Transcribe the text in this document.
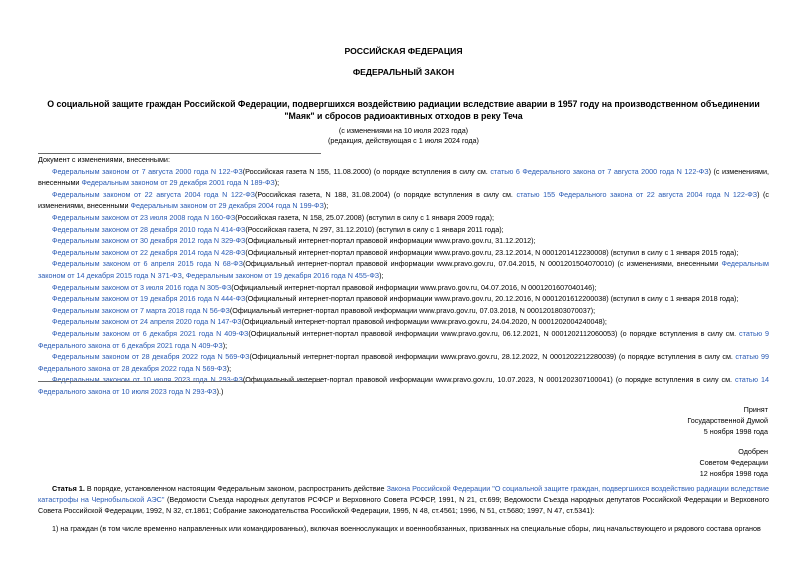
РОССИЙСКАЯ ФЕДЕРАЦИЯ
ФЕДЕРАЛЬНЫЙ ЗАКОН
О социальной защите граждан Российской Федерации, подвергшихся воздействию радиации вследствие аварии в 1957 году на производственном объединении
"Маяк" и сбросов радиоактивных отходов в реку Теча
(с изменениями на 10 июля 2023 года)
(редакция, действующая с 1 июля 2024 года)
Документ с изменениями, внесенными:
Федеральным законом от 7 августа 2000 года N 122-ФЗ(Российская газета N 155, 11.08.2000) (о порядке вступления в силу см. статью 6 Федерального закона от 7 августа 2000 года N 122-ФЗ) (с изменениями, внесенными Федеральным законом от 29 декабря 2001 года N 189-ФЗ);
Федеральным законом от 22 августа 2004 года N 122-ФЗ(Российская газета, N 188, 31.08.2004) (о порядке вступления в силу см. статью 155 Федерального закона от 22 августа 2004 года N 122-ФЗ) (с изменениями, внесенными Федеральным законом от 29 декабря 2004 года N 199-ФЗ);
Федеральным законом от 23 июля 2008 года N 160-ФЗ(Российская газета, N 158, 25.07.2008) (вступил в силу с 1 января 2009 года);
Федеральным законом от 28 декабря 2010 года N 414-ФЗ(Российская газета, N 297, 31.12.2010) (вступил в силу с 1 января 2011 года);
Федеральным законом от 30 декабря 2012 года N 329-ФЗ(Официальный интернет-портал правовой информации www.pravo.gov.ru, 31.12.2012);
Федеральным законом от 22 декабря 2014 года N 428-ФЗ(Официальный интернет-портал правовой информации www.pravo.gov.ru, 23.12.2014, N 0001201412230008) (вступил в силу с 1 января 2015 года);
Федеральным законом от 6 апреля 2015 года N 68-ФЗ(Официальный интернет-портал правовой информации www.pravo.gov.ru, 07.04.2015, N 0001201504070010) (с изменениями, внесенными Федеральным законом от 14 декабря 2015 года N 371-ФЗ, Федеральным законом от 19 декабря 2016 года N 455-ФЗ);
Федеральным законом от 3 июля 2016 года N 305-ФЗ(Официальный интернет-портал правовой информации www.pravo.gov.ru, 04.07.2016, N 0001201607040146);
Федеральным законом от 19 декабря 2016 года N 444-ФЗ(Официальный интернет-портал правовой информации www.pravo.gov.ru, 20.12.2016, N 0001201612200038) (вступил в силу с 1 января 2018 года);
Федеральным законом от 7 марта 2018 года N 56-ФЗ(Официальный интернет-портал правовой информации www.pravo.gov.ru, 07.03.2018, N 0001201803070037);
Федеральным законом от 24 апреля 2020 года N 147-ФЗ(Официальный интернет-портал правовой информации www.pravo.gov.ru, 24.04.2020, N 0001202004240048);
Федеральным законом от 6 декабря 2021 года N 409-ФЗ(Официальный интернет-портал правовой информации www.pravo.gov.ru, 06.12.2021, N 0001202112060053) (о порядке вступления в силу см. статью 9 Федерального закона от 6 декабря 2021 года N 409-ФЗ);
Федеральным законом от 28 декабря 2022 года N 569-ФЗ(Официальный интернет-портал правовой информации www.pravo.gov.ru, 28.12.2022, N 0001202212280039) (о порядке вступления в силу см. статью 99 Федерального закона от 28 декабря 2022 года N 569-ФЗ);
Федеральным законом от 10 июля 2023 года N 293-ФЗ(Официальный интернет-портал правовой информации www.pravo.gov.ru, 10.07.2023, N 0001202307100041) (о порядке вступления в силу см. статью 14 Федерального закона от 10 июля 2023 года N 293-ФЗ).)
Принят
Государственной Думой
5 ноября 1998 года
Одобрен
Советом Федерации
12 ноября 1998 года
Статья 1. В порядке, установленном настоящим Федеральным законом, распространить действие Закона Российской Федерации "О социальной защите граждан, подвергшихся воздействию радиации вследствие катастрофы на Чернобыльской АЭС" (Ведомости Съезда народных депутатов РСФСР и Верховного Совета РСФСР, 1991, N 21, ст.699; Ведомости Съезда народных депутатов Российской Федерации и Верховного Совета Российской Федерации, 1992, N 32, ст.1861; Собрание законодательства Российской Федерации, 1995, N 48, ст.4561; 1996, N 51, ст.5680; 1997, N 47, ст.5341):
1) на граждан (в том числе временно направленных или командированных), включая военнослужащих и военнообязанных, призванных на специальные сборы, лиц начальствующего и рядового состава органов
